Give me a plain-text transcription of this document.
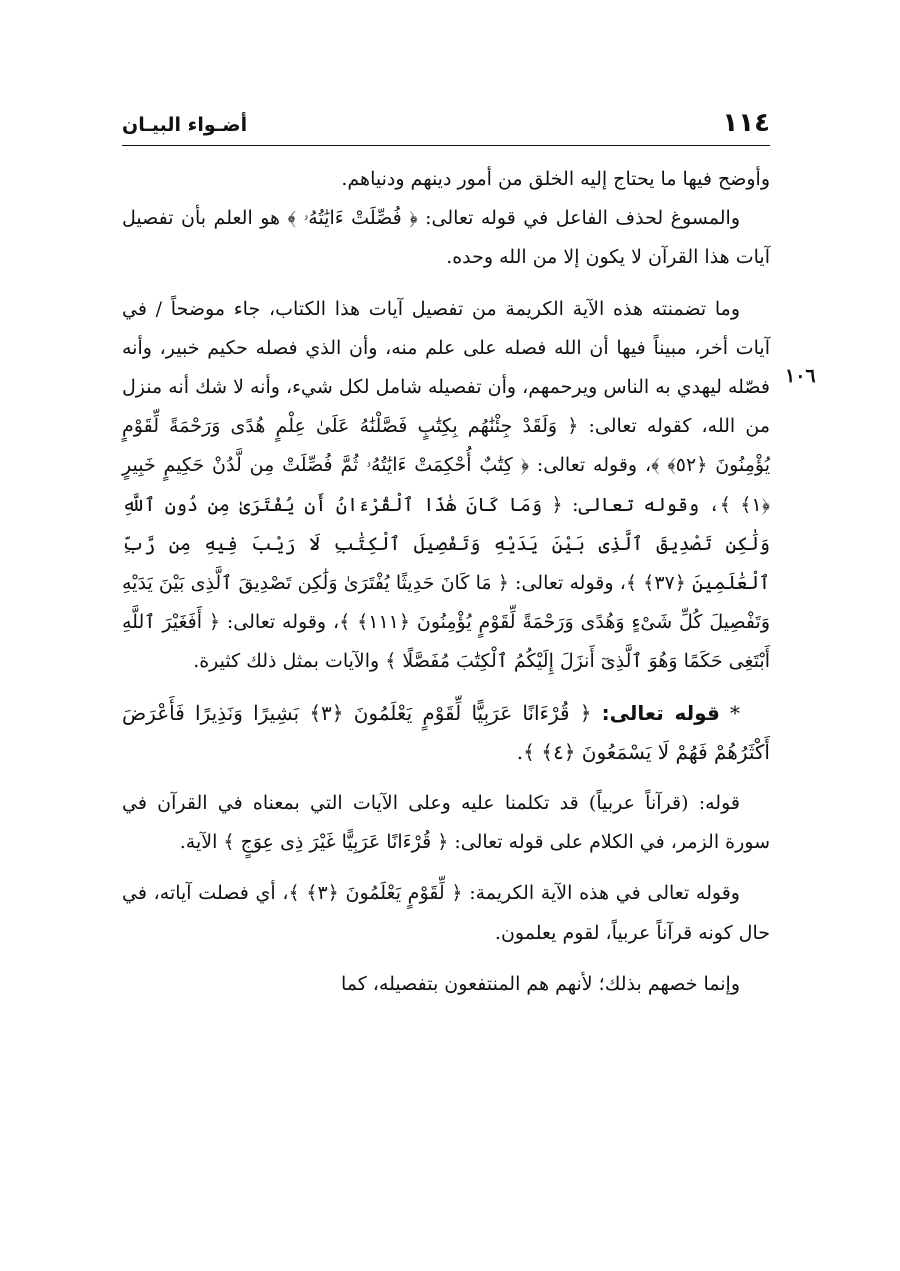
١١٤
أضـواء البيـان
١٠٦

وأوضح فيها ما يحتاج إليه الخلق من أمور دينهم ودنياهم.

والمسوغ لحذف الفاعل في قوله تعالى: ﴿ فُصِّلَتْ ءَايَٰتُهُۥ ﴾ هو العلم بأن تفصيل آيات هذا القرآن لا يكون إلا من الله وحده.

وما تضمنته هذه الآية الكريمة من تفصيل آيات هذا الكتاب، جاء موضحاً / في آيات أخر، مبيناً فيها أن الله فصله على علم منه، وأن الذي فصله حكيم خبير، وأنه فصّله ليهدي به الناس ويرحمهم، وأن تفصيله شامل لكل شيء، وأنه لا شك أنه منزل من الله، كقوله تعالى: ﴿ وَلَقَدْ جِئْنَٰهُم بِكِتَٰبٍ فَصَّلْنَٰهُ عَلَىٰ عِلْمٍ هُدًى وَرَحْمَةً لِّقَوْمٍ يُؤْمِنُونَ ﴿٥٢﴾ ﴾، وقوله تعالى: ﴿ كِتَٰبٌ أُحْكِمَتْ ءَايَٰتُهُۥ ثُمَّ فُصِّلَتْ مِن لَّدُنْ حَكِيمٍ خَبِيرٍ ﴿١﴾ ﴾، وقوله تعالى: ﴿ وَمَا كَانَ هَٰذَا ٱلْقُرْءَانُ أَن يُفْتَرَىٰ مِن دُونِ ٱللَّهِ وَلَٰكِن تَصْدِيقَ ٱلَّذِى بَيْنَ يَدَيْهِ وَتَفْصِيلَ ٱلْكِتَٰبِ لَا رَيْبَ فِيهِ مِن رَّبِّ ٱلْعَٰلَمِينَ ﴿٣٧﴾ ﴾، وقوله تعالى: ﴿ مَا كَانَ حَدِيثًا يُفْتَرَىٰ وَلَٰكِن تَصْدِيقَ ٱلَّذِى بَيْنَ يَدَيْهِ وَتَفْصِيلَ كُلِّ شَىْءٍ وَهُدًى وَرَحْمَةً لِّقَوْمٍ يُؤْمِنُونَ ﴿١١١﴾ ﴾، وقوله تعالى: ﴿ أَفَغَيْرَ ٱللَّهِ أَبْتَغِى حَكَمًا وَهُوَ ٱلَّذِىٓ أَنزَلَ إِلَيْكُمُ ٱلْكِتَٰبَ مُفَصَّلًا ﴾ والآيات بمثل ذلك كثيرة.

* قوله تعالى: ﴿ قُرْءَانًا عَرَبِيًّا لِّقَوْمٍ يَعْلَمُونَ ﴿٣﴾ بَشِيرًا وَنَذِيرًا فَأَعْرَضَ أَكْثَرُهُمْ فَهُمْ لَا يَسْمَعُونَ ﴿٤﴾ ﴾.

قوله: (قرآناً عربياً) قد تكلمنا عليه وعلى الآيات التي بمعناه في القرآن في سورة الزمر، في الكلام على قوله تعالى: ﴿ قُرْءَانًا عَرَبِيًّا غَيْرَ ذِى عِوَجٍ ﴾ الآية.

وقوله تعالى في هذه الآية الكريمة: ﴿ لِّقَوْمٍ يَعْلَمُونَ ﴿٣﴾ ﴾، أي فصلت آياته، في حال كونه قرآناً عربياً، لقوم يعلمون.

وإنما خصهم بذلك؛ لأنهم هم المنتفعون بتفصيله، كما
